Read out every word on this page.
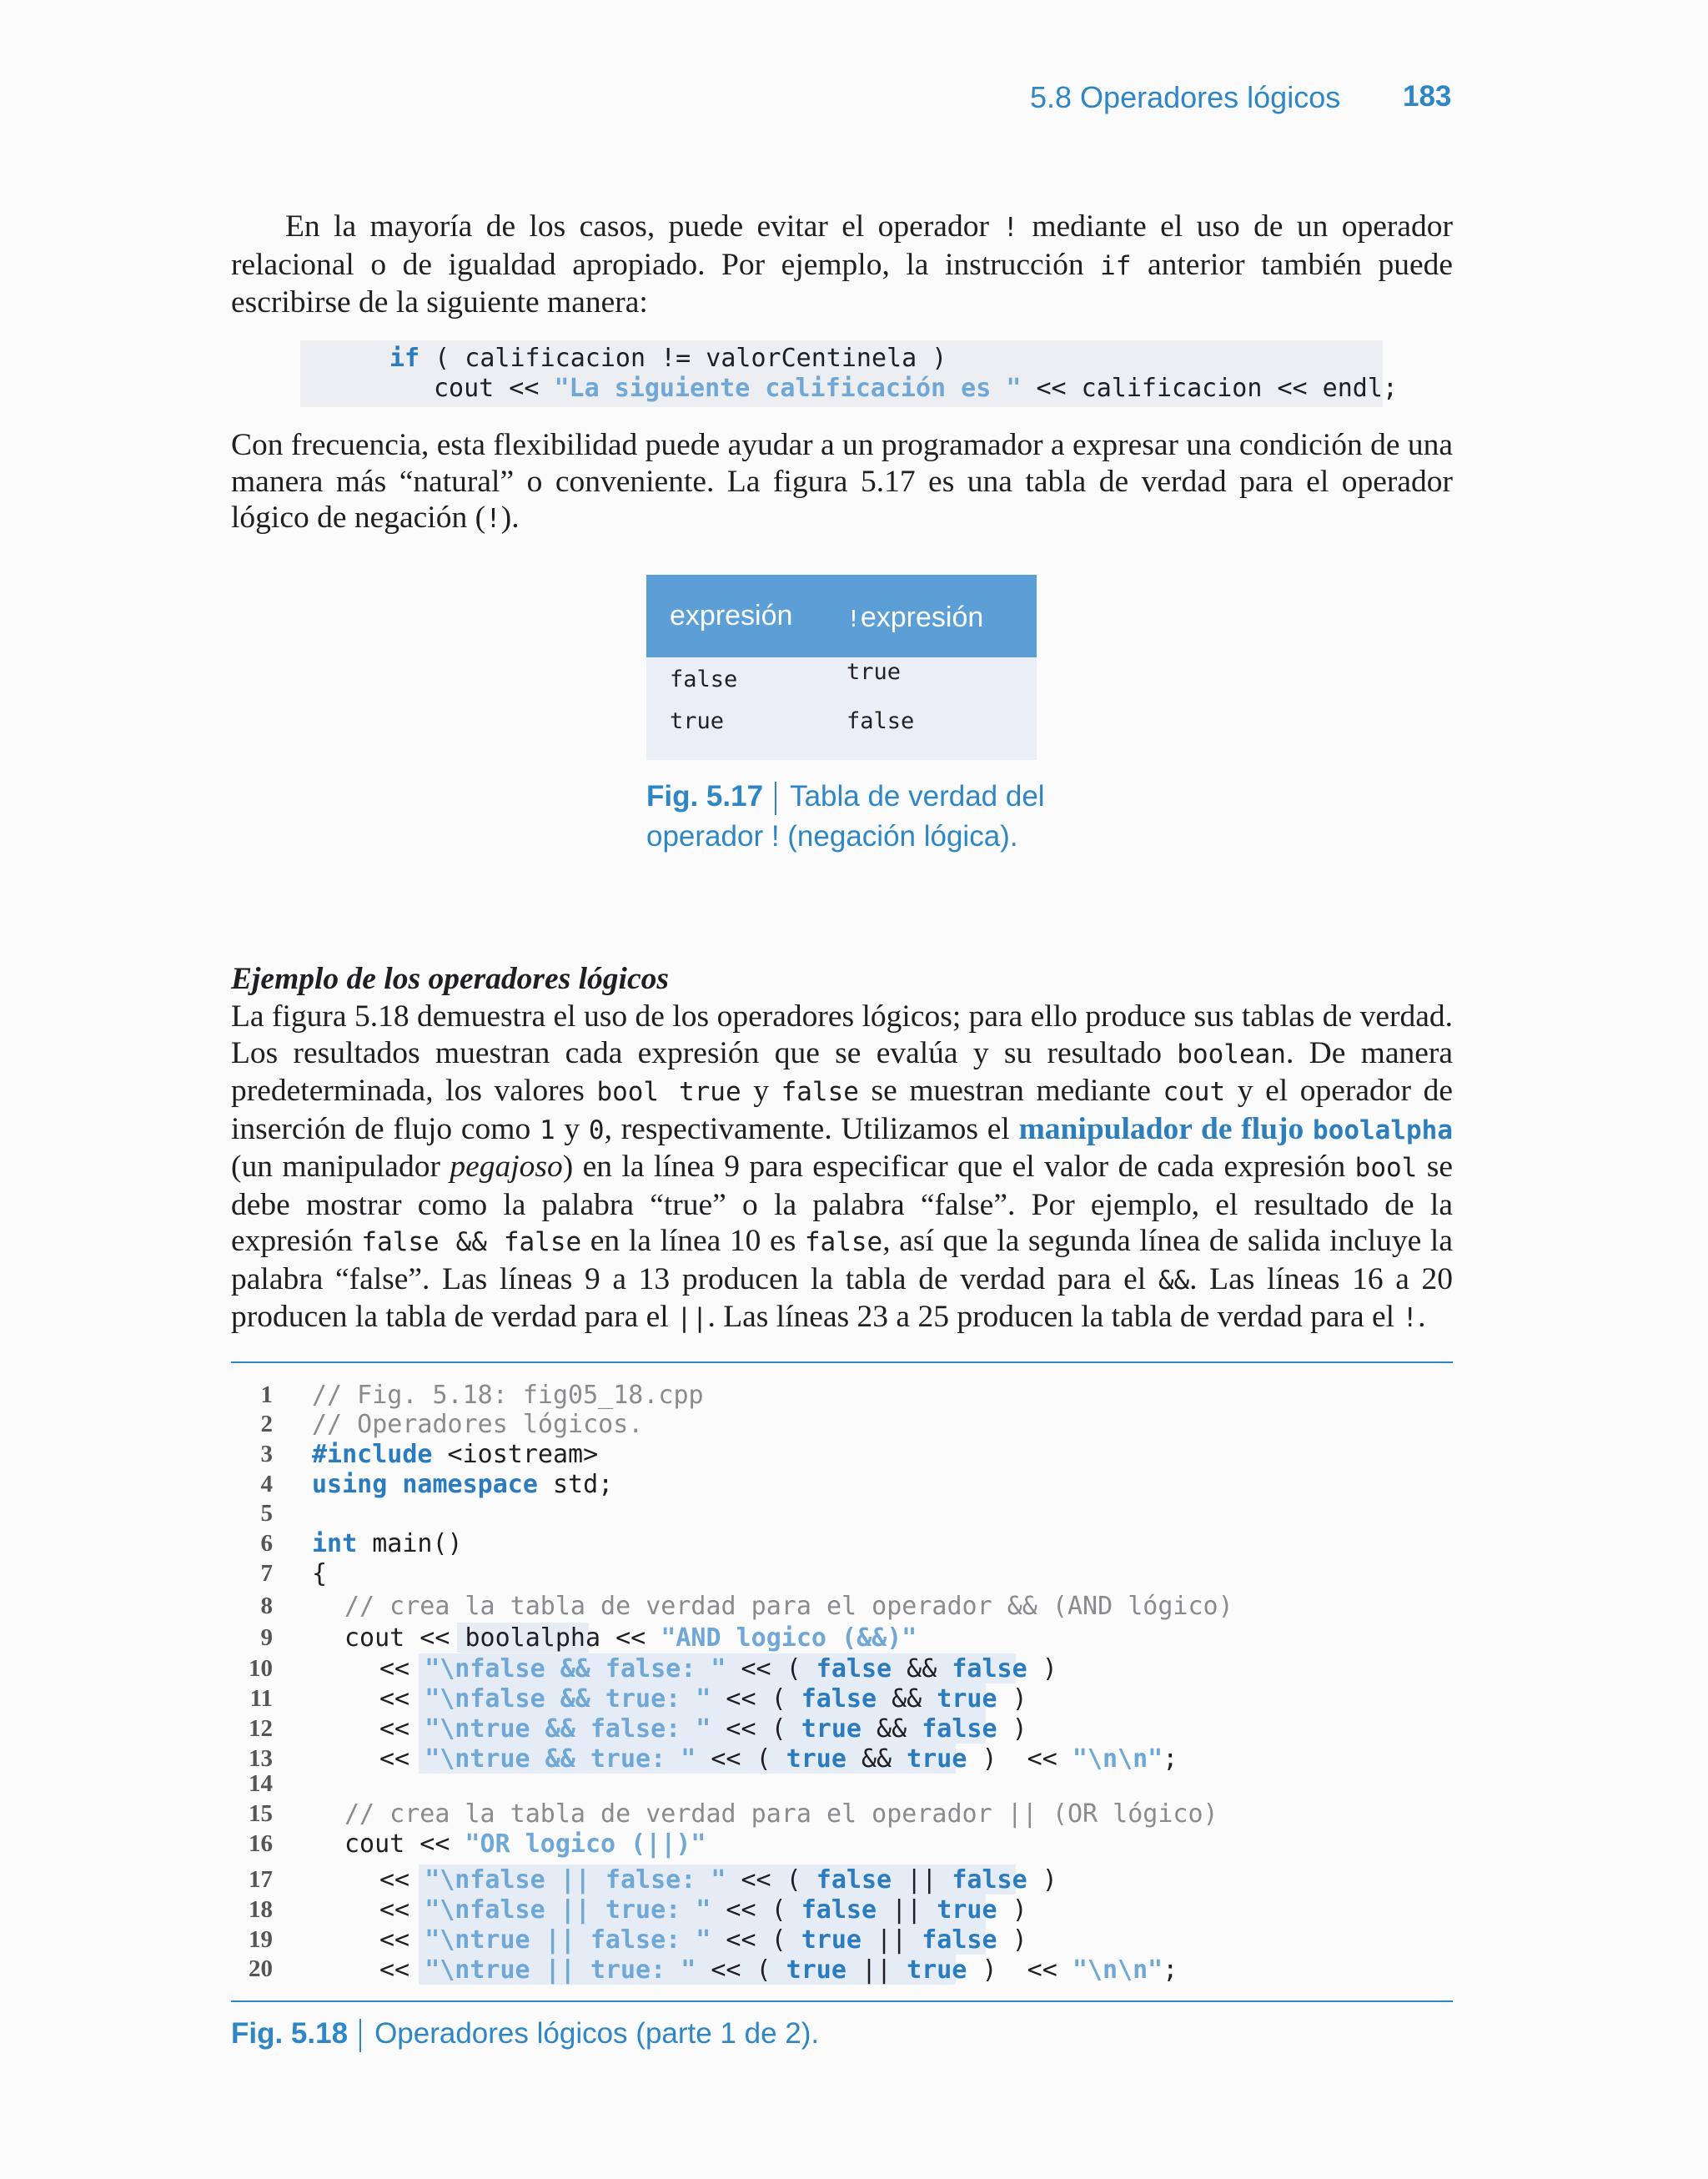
5.8 Operadores lógicos 183

En la mayoría de los casos, puede evitar el operador ! mediante el uso de un operador relacional o de igualdad apropiado. Por ejemplo, la instrucción if anterior también puede escribirse de la siguiente manera:

if ( calificacion != valorCentinela )
cout << "La siguiente calificación es " << calificacion << endl;

Con frecuencia, esta flexibilidad puede ayudar a un programador a expresar una condición de una manera más “natural” o conveniente. La figura 5.17 es una tabla de verdad para el operador lógico de negación (!).

expresión !expresión
false	true
true	false
Fig. 5.17 Tabla de verdad del
operador ! (negación lógica).
Ejemplo de los operadores lógicos

La figura 5.18 demuestra el uso de los operadores lógicos; para ello produce sus tablas de verdad. Los resultados muestran cada expresión que se evalúa y su resultado boolean. De manera predeterminada, los valores bool true y false se muestran mediante cout y el operador de inserción de flujo como 1 y 0, respectivamente. Utilizamos el manipulador de flujo boolalpha (un manipulador pegajoso) en la línea 9 para especificar que el valor de cada expresión bool se debe mostrar como la palabra “true” o la palabra “false”. Por ejemplo, el resultado de la expresión false && false en la línea 10 es false, así que la segunda línea de salida incluye la palabra “false”. Las líneas 9 a 13 producen la tabla de verdad para el &&. Las líneas 16 a 20 producen la tabla de verdad para el ||. Las líneas 23 a 25 producen la tabla de verdad para el !.

1
2
3
4
5
6
7
8
9
10
11
12
13
14
15
16
17
18
19
20
// Fig. 5.18: fig05_18.cpp
// Operadores lógicos.
#include <iostream>
using namespace std;
int main()
{
// crea la tabla de verdad para el operador && (AND lógico)
cout << boolalpha << "AND logico (&&)"
<< "\nfalse && false: " << ( false && false )
<< "\nfalse && true: " << ( false && true )
<< "\ntrue && false: " << ( true && false )
<< "\ntrue && true: " << ( true && true ) << "\n\n";
// crea la tabla de verdad para el operador || (OR lógico)
cout << "OR logico (||)"
<< "\nfalse || false: " << ( false || false )
<< "\nfalse || true: " << ( false || true )
<< "\ntrue || false: " << ( true || false )
<< "\ntrue || true: " << ( true || true ) << "\n\n";
Fig. 5.18 Operadores lógicos (parte 1 de 2).
